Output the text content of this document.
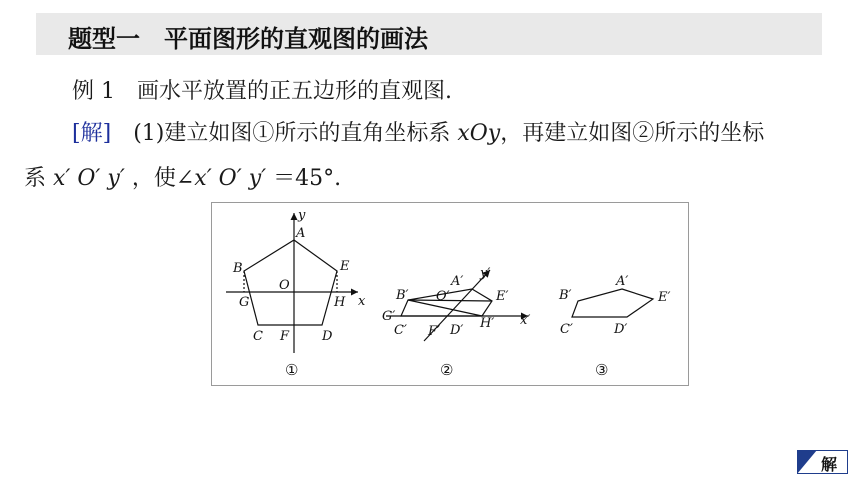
题型一　平面图形的直观图的画法
例 1　 画水平放置的正五边形的直观图.
[解]　 (1)建立如图①所示的直角坐标系 xOy，再建立如图②所示的坐标
系 x′ O′ y′ ，使∠x′ O′ y′ ＝45°.
y
A
B	E
O
x
G	H
C F	D
①
A′
y′
B′ O′	E′
G′
C′ F′ D′ H′ x′
②
A′
B′	E′
C′	D′
③
解
